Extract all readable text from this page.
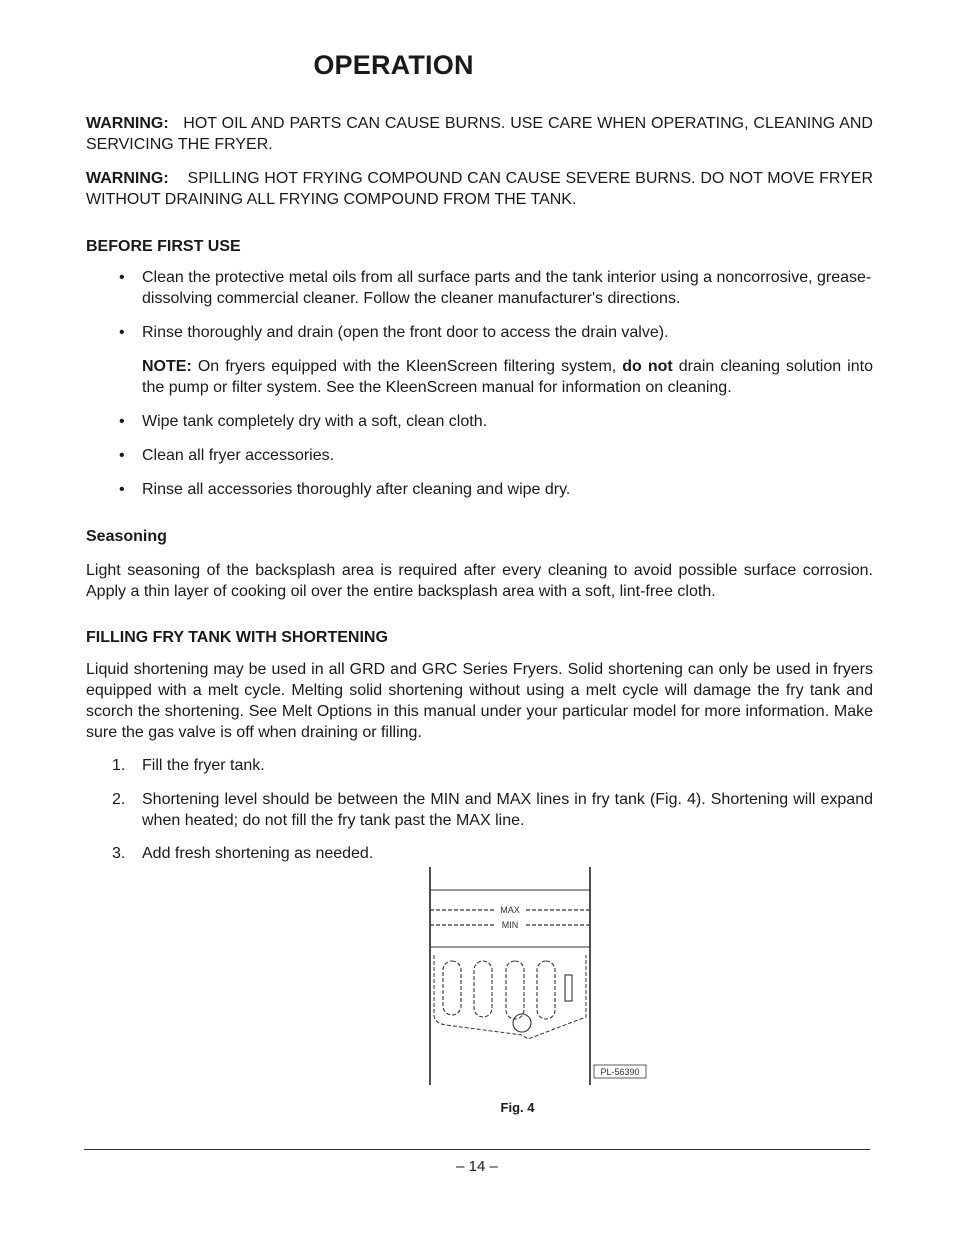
OPERATION

WARNING: HOT OIL AND PARTS CAN CAUSE BURNS. USE CARE WHEN OPERATING, CLEANING AND SERVICING THE FRYER.

WARNING: SPILLING HOT FRYING COMPOUND CAN CAUSE SEVERE BURNS. DO NOT MOVE FRYER WITHOUT DRAINING ALL FRYING COMPOUND FROM THE TANK.

BEFORE FIRST USE

• Clean the protective metal oils from all surface parts and the tank interior using a noncorrosive, grease-dissolving commercial cleaner. Follow the cleaner manufacturer's directions.

• Rinse thoroughly and drain (open the front door to access the drain valve).

NOTE: On fryers equipped with the KleenScreen filtering system, do not drain cleaning solution into the pump or filter system. See the KleenScreen manual for information on cleaning.

• Wipe tank completely dry with a soft, clean cloth.

• Clean all fryer accessories.

• Rinse all accessories thoroughly after cleaning and wipe dry.

Seasoning

Light seasoning of the backsplash area is required after every cleaning to avoid possible surface corrosion. Apply a thin layer of cooking oil over the entire backsplash area with a soft, lint-free cloth.

FILLING FRY TANK WITH SHORTENING

Liquid shortening may be used in all GRD and GRC Series Fryers. Solid shortening can only be used in fryers equipped with a melt cycle. Melting solid shortening without using a melt cycle will damage the fry tank and scorch the shortening. See Melt Options in this manual under your particular model for more information. Make sure the gas valve is off when draining or filling.

1. Fill the fryer tank.

2. Shortening level should be between the MIN and MAX lines in fry tank (Fig. 4). Shortening will expand when heated; do not fill the fry tank past the MAX line.

3. Add fresh shortening as needed.

MAX
MIN
PL-56390
Fig. 4
– 14 –
